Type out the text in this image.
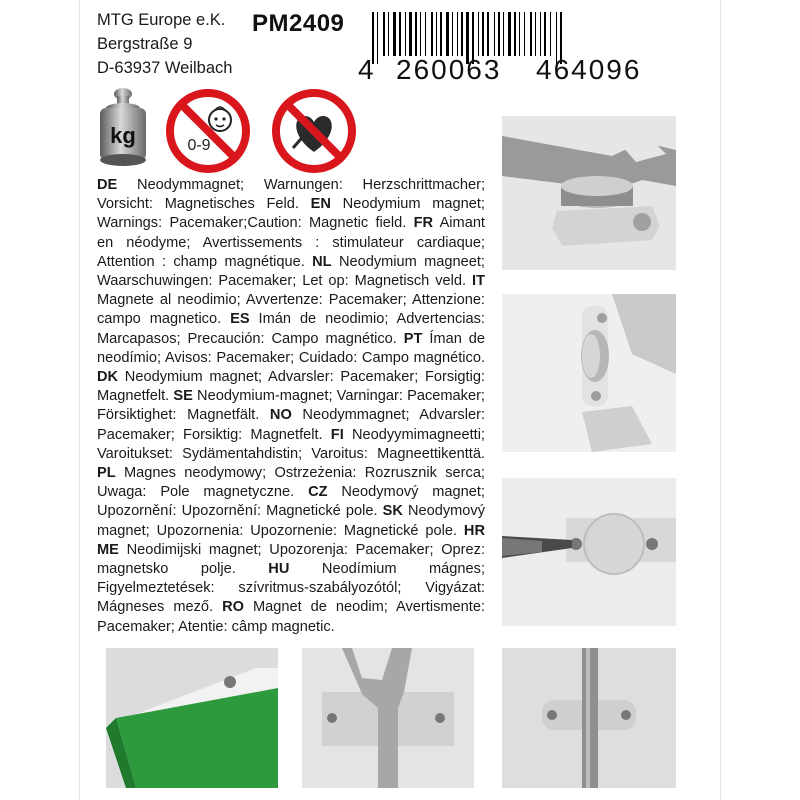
MTG Europe e.K.
Bergstraße 9
D-63937 Weilbach
PM2409
4 260063 464096
kg	0-9
DE Neodymmagnet; Warnungen: Herzschrittmacher; Vorsicht: Magnetisches Feld. EN Neodymium magnet; Warnings: Pacemaker;Caution: Magnetic field. FR Aimant en néodyme; Avertissements : stimulateur cardiaque; Attention : champ magnétique. NL Neodymium magneet; Waarschuwingen: Pacemaker; Let op: Magnetisch veld. IT Magnete al neodimio; Avvertenze: Pacemaker; Attenzione: campo magnetico. ES Imán de neodimio; Advertencias: Marcapasos; Precaución: Campo magnético. PT Íman de neodímio; Avisos: Pacemaker; Cuidado: Campo magnético. DK Neodymium magnet; Advarsler: Pacemaker; Forsigtig: Magnetfelt. SE Neodymium-magnet; Varningar: Pacemaker; Försiktighet: Magnetfält. NO Neodymmagnet; Advarsler: Pacemaker; Forsiktig: Magnetfelt. FI Neodyymimagneetti; Varoitukset: Sydämentahdistin; Varoitus: Magneettikenttä. PL Magnes neodymowy; Ostrzeżenia: Rozrusznik serca; Uwaga: Pole magnetyczne. CZ Neodymový magnet; Upozornění: Upozornění: Magnetické pole. SK Neodymový magnet; Upozornenia: Upozornenie: Magnetické pole. HR ME Neodimijski magnet; Upozorenja: Pacemaker; Oprez: magnetsko polje. HU Neodímium mágnes; Figyelmeztetések: szívritmus-szabályozótól; Vigyázat: Mágneses mező. RO Magnet de neodim; Avertismente: Pacemaker; Atentie: câmp magnetic.
